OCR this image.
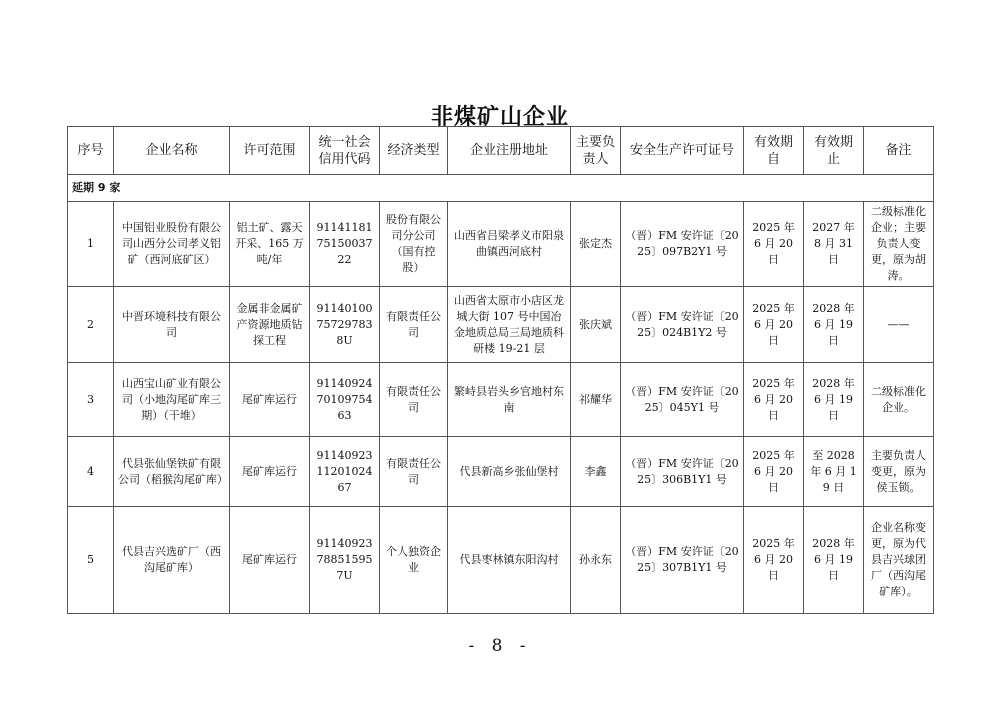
非煤矿山企业
序号	企业名称	许可范围	统一社会信用代码	经济类型	企业注册地址	主要负责人	安全生产许可证号	有效期自	有效期止	备注
延期 9 家										
1	中国铝业股份有限公司山西分公司孝义铝矿（西河底矿区）	铝土矿、露天开采、165 万吨/年	911411817515003722	股份有限公司分公司（国有控股）	山西省吕梁孝义市阳泉曲镇西河底村	张定杰	（晋）FM 安许证〔2025〕097B2Y1 号	2025 年 6 月 20 日	2027 年 8 月 31 日	二级标准化企业；主要负责人变更，原为胡涛。
2	中晋环境科技有限公司	金属非金属矿产资源地质钻探工程	91140100757297838U	有限责任公司	山西省太原市小店区龙城大街 107 号中国冶金地质总局三局地质科研楼 19-21 层	张庆斌	（晋）FM 安许证〔2025〕024B1Y2 号	2025 年 6 月 20 日	2028 年 6 月 19 日	——
3	山西宝山矿业有限公司（小地沟尾矿库三期）（干堆）	尾矿库运行	911409247010975463	有限责任公司	繁峙县岩头乡官地村东南	祁耀华	（晋）FM 安许证〔2025〕045Y1 号	2025 年 6 月 20 日	2028 年 6 月 19 日	二级标准化企业。
4	代县张仙堡铁矿有限公司（稻猴沟尾矿库）	尾矿库运行	911409231120102467	有限责任公司	代县新高乡张仙堡村	李鑫	（晋）FM 安许证〔2025〕306B1Y1 号	2025 年 6 月 20 日	至 2028 年 6 月 19 日	主要负责人变更，原为侯玉锁。
5	代县吉兴选矿厂（西沟尾矿库）	尾矿库运行	91140923788515957U	个人独资企业	代县枣林镇东阳沟村	孙永东	（晋）FM 安许证〔2025〕307B1Y1 号	2025 年 6 月 20 日	2028 年 6 月 19 日	企业名称变更，原为代县吉兴球团厂（西沟尾矿库）。
- 8 -
